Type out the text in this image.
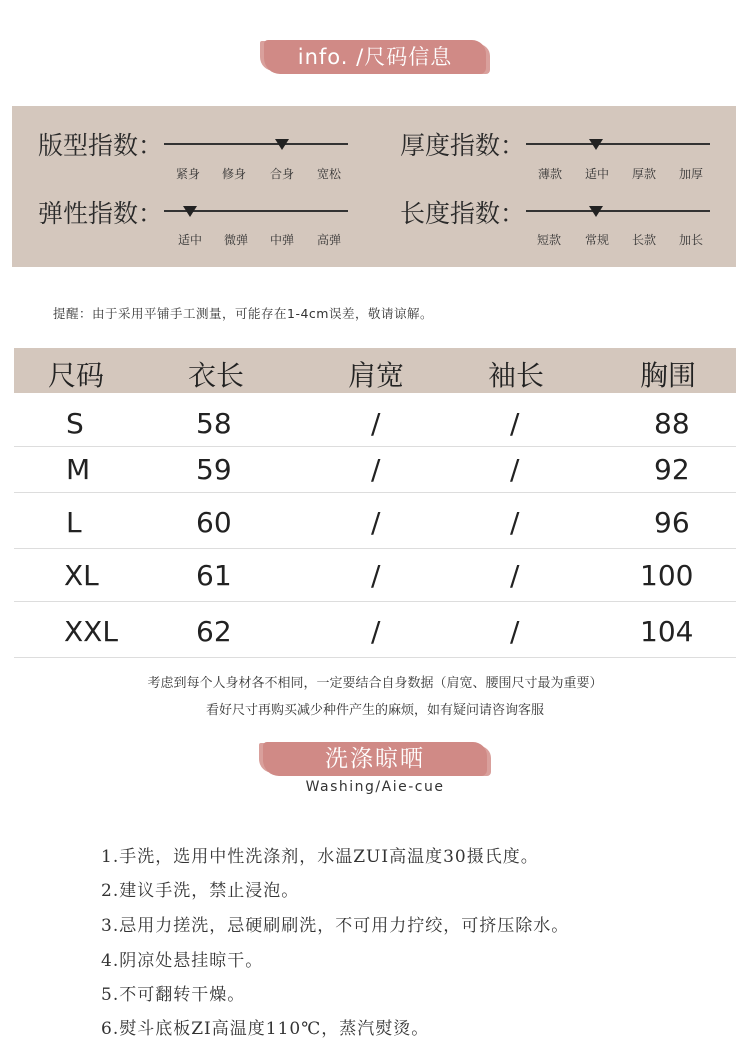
info. /尺码信息
版型指数：
紧身	修身	合身	宽松
厚度指数：
薄款	适中	厚款	加厚
弹性指数：
适中	微弹	中弹	高弹
长度指数：
短款	常规	长款	加长
提醒：由于采用平铺手工测量，可能存在1-4cm误差，敬请谅解。
尺码	衣长	肩宽	袖长	胸围
S	58	/	/	88
M	59	/	/	92
L	60	/	/	96
XL	61	/	/	100
XXL	62	/	/	104
考虑到每个人身材各不相同，一定要结合自身数据（肩宽、腰围尺寸最为重要）
看好尺寸再购买减少种件产生的麻烦，如有疑问请咨询客服
洗涤晾晒
Washing/Aie-cue
1.手洗，选用中性洗涤剂，水温ZUI高温度30摄氏度。
2.建议手洗，禁止浸泡。
3.忌用力搓洗，忌硬刷刷洗，不可用力拧绞，可挤压除水。
4.阴凉处悬挂晾干。
5.不可翻转干燥。
6.熨斗底板ZI高温度110℃，蒸汽熨烫。
